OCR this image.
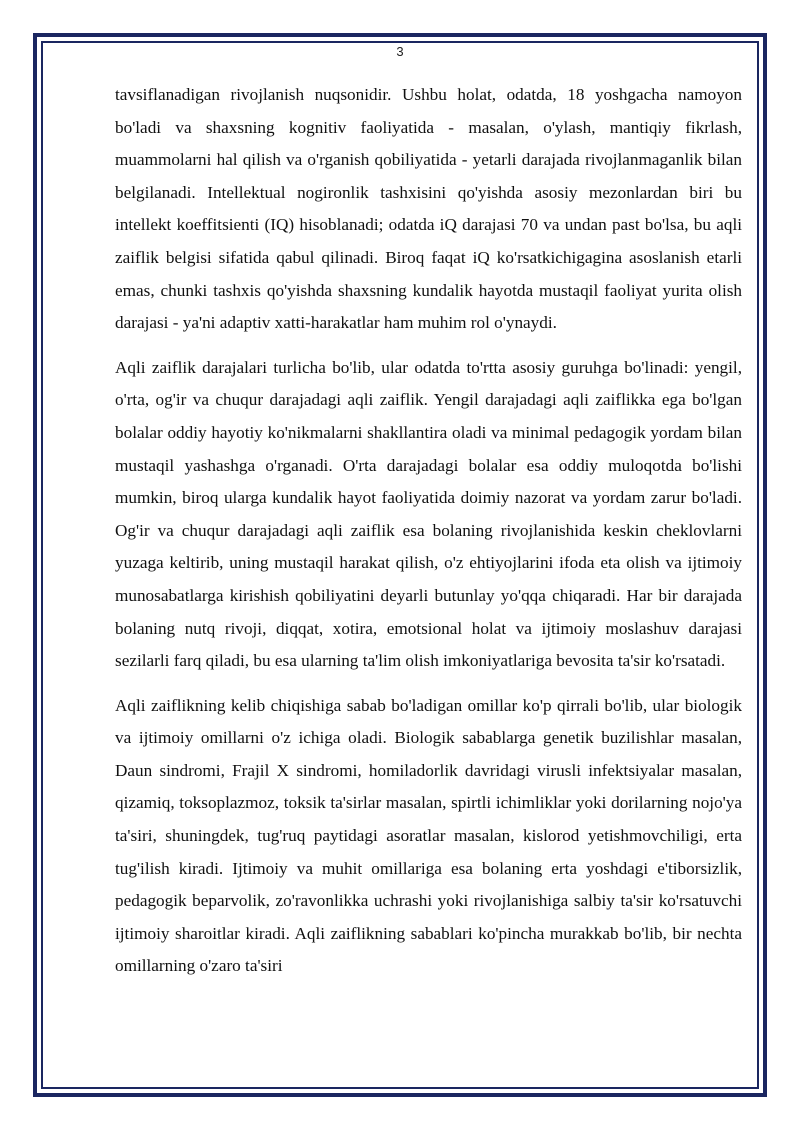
3

tavsiflanadigan rivojlanish nuqsonidir. Ushbu holat, odatda, 18 yoshgacha namoyon bo'ladi va shaxsning kognitiv faoliyatida - masalan, o'ylash, mantiqiy fikrlash, muammolarni hal qilish va o'rganish qobiliyatida - yetarli darajada rivojlanmaganlik bilan belgilanadi. Intellektual nogironlik tashxisini qo'yishda asosiy mezonlardan biri bu intellekt koeffitsienti (IQ) hisoblanadi; odatda iQ darajasi 70 va undan past bo'lsa, bu aqli zaiflik belgisi sifatida qabul qilinadi. Biroq faqat iQ ko'rsatkichigagina asoslanish etarli emas, chunki tashxis qo'yishda shaxsning kundalik hayotda mustaqil faoliyat yurita olish darajasi - ya'ni adaptiv xatti-harakatlar ham muhim rol o'ynaydi.

Aqli zaiflik darajalari turlicha bo'lib, ular odatda to'rtta asosiy guruhga bo'linadi: yengil, o'rta, og'ir va chuqur darajadagi aqli zaiflik. Yengil darajadagi aqli zaiflikka ega bo'lgan bolalar oddiy hayotiy ko'nikmalarni shakllantira oladi va minimal pedagogik yordam bilan mustaqil yashashga o'rganadi. O'rta darajadagi bolalar esa oddiy muloqotda bo'lishi mumkin, biroq ularga kundalik hayot faoliyatida doimiy nazorat va yordam zarur bo'ladi. Og'ir va chuqur darajadagi aqli zaiflik esa bolaning rivojlanishida keskin cheklovlarni yuzaga keltirib, uning mustaqil harakat qilish, o'z ehtiyojlarini ifoda eta olish va ijtimoiy munosabatlarga kirishish qobiliyatini deyarli butunlay yo'qqa chiqaradi. Har bir darajada bolaning nutq rivoji, diqqat, xotira, emotsional holat va ijtimoiy moslashuv darajasi sezilarli farq qiladi, bu esa ularning ta'lim olish imkoniyatlariga bevosita ta'sir ko'rsatadi.

Aqli zaiflikning kelib chiqishiga sabab bo'ladigan omillar ko'p qirrali bo'lib, ular biologik va ijtimoiy omillarni o'z ichiga oladi. Biologik sabablarga genetik buzilishlar masalan, Daun sindromi, Frajil X sindromi, homiladorlik davridagi virusli infektsiyalar masalan, qizamiq, toksoplazmoz, toksik ta'sirlar masalan, spirtli ichimliklar yoki dorilarning nojo'ya ta'siri, shuningdek, tug'ruq paytidagi asoratlar masalan, kislorod yetishmovchiligi, erta tug'ilish kiradi. Ijtimoiy va muhit omillariga esa bolaning erta yoshdagi e'tiborsizlik, pedagogik beparvolik, zo'ravonlikka uchrashi yoki rivojlanishiga salbiy ta'sir ko'rsatuvchi ijtimoiy sharoitlar kiradi. Aqli zaiflikning sabablari ko'pincha murakkab bo'lib, bir nechta omillarning o'zaro ta'siri
